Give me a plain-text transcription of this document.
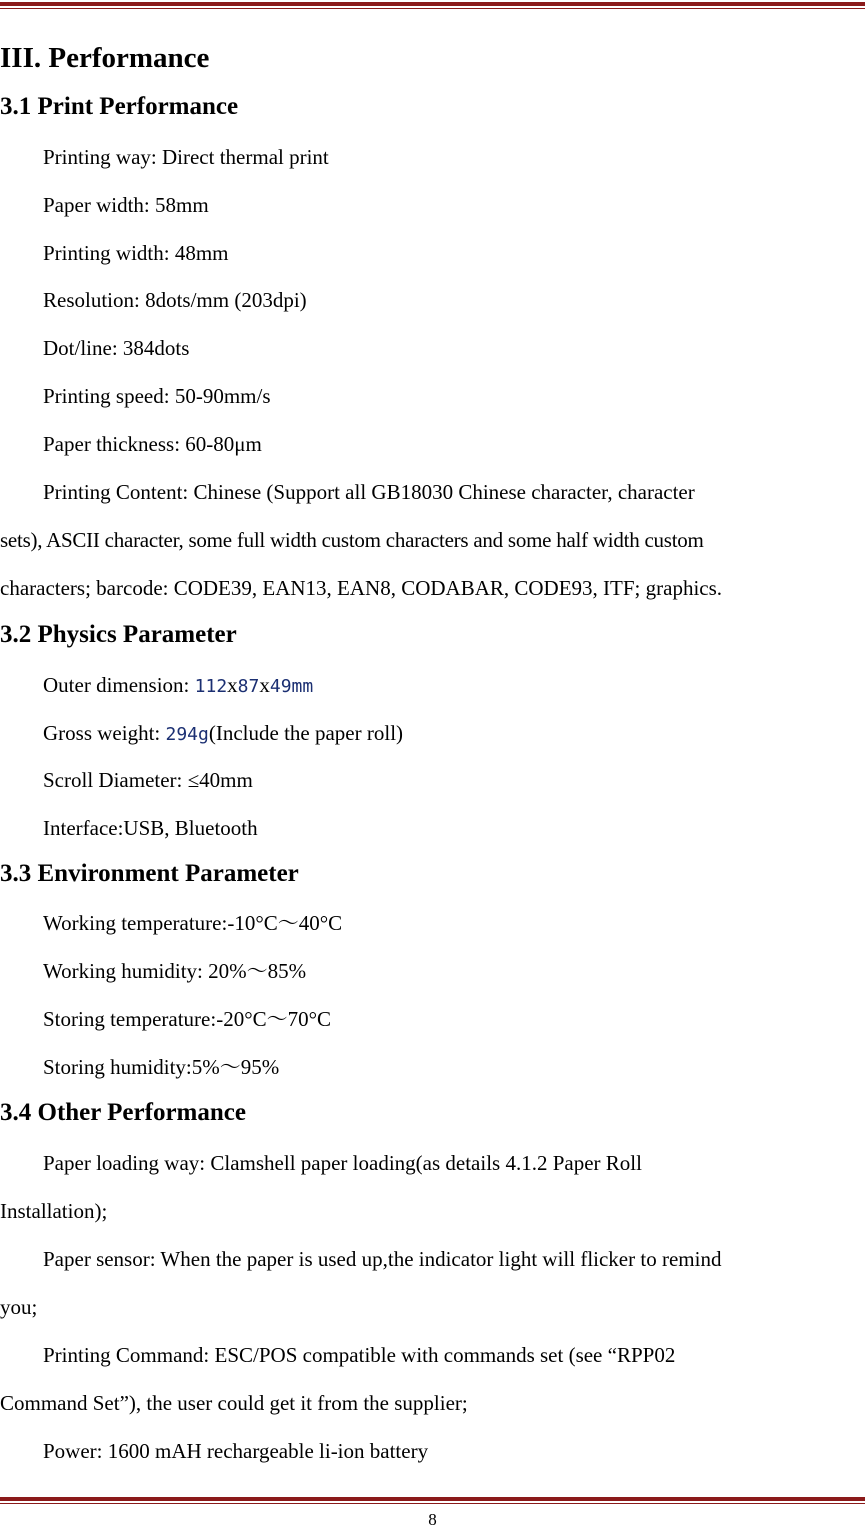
III. Performance
3.1 Print Performance
Printing way: Direct thermal print
Paper width: 58mm
Printing width: 48mm
Resolution: 8dots/mm (203dpi)
Dot/line: 384dots
Printing speed: 50-90mm/s
Paper thickness: 60-80μm
Printing Content: Chinese (Support all GB18030 Chinese character, character
sets), ASCII character, some full width custom characters and some half width custom
characters; barcode: CODE39, EAN13, EAN8, CODABAR, CODE93, ITF; graphics.
3.2 Physics Parameter
Outer dimension: 112x87x49mm
Gross weight: 294g(Include the paper roll)
Scroll Diameter: ≤40mm
Interface:USB, Bluetooth
3.3 Environment Parameter
Working temperature:-10°C～40°C
Working humidity: 20%～85%
Storing temperature:-20°C～70°C
Storing humidity:5%～95%
3.4 Other Performance
Paper loading way: Clamshell paper loading(as details 4.1.2 Paper Roll
Installation);
Paper sensor: When the paper is used up,the indicator light will flicker to remind
you;
Printing Command: ESC/POS compatible with commands set (see “RPP02
Command Set”), the user could get it from the supplier;
Power: 1600 mAH rechargeable li-ion battery
8
